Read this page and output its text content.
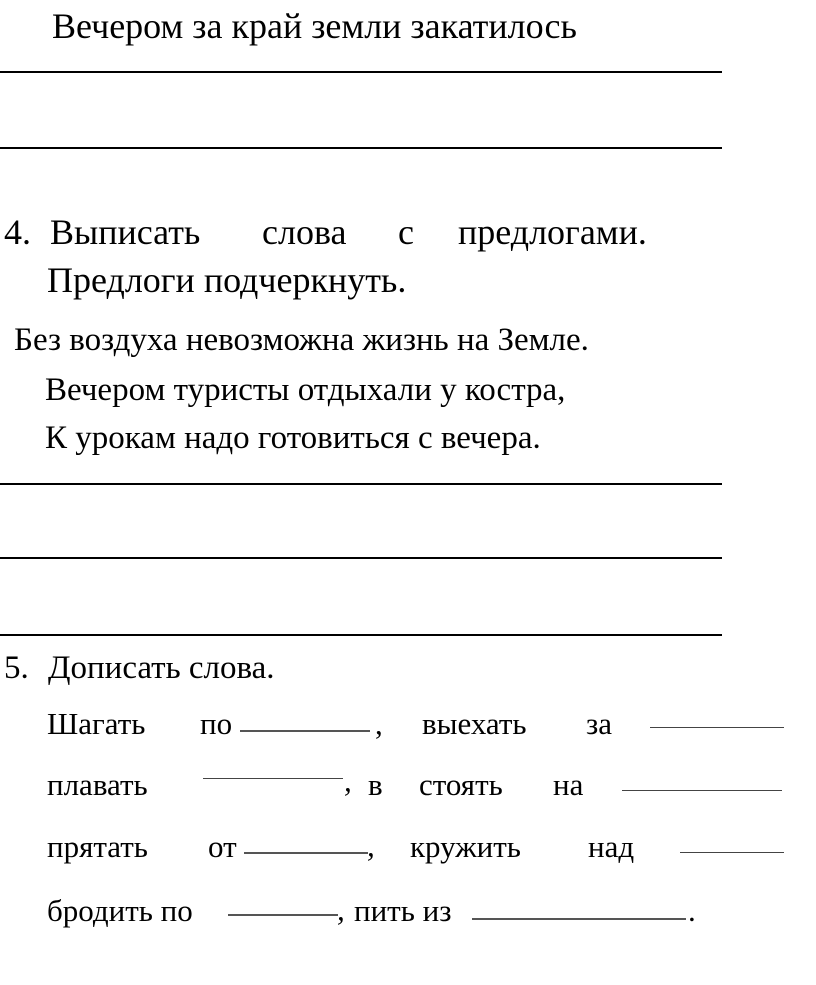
Вечером за край земли закатилось
4. Выписать слова с предлогами.
Предлоги подчеркнуть.
Без воздуха невозможна жизнь на Земле.
Вечером туристы отдыхали у костра,
К урокам надо готовиться с вечера.
5. Дописать слова.
Шагать по	, выехать за
плавать	, в стоять на
прятать от	, кружить над
бродить по	, пить из	.
